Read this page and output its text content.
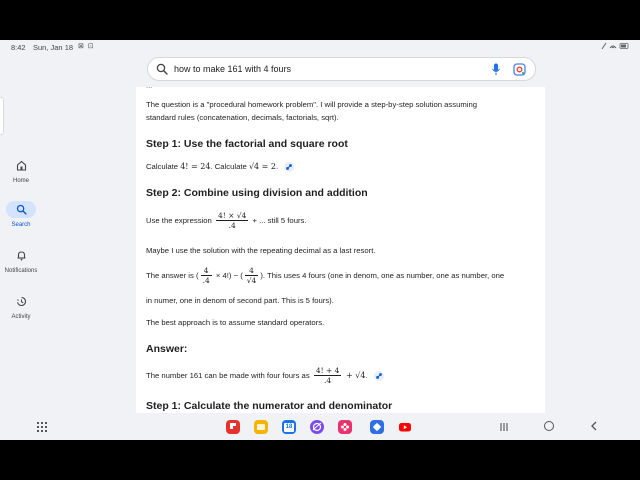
8:42 Sun, Jan 18 ⊠ ⊡
how to make 161 with 4 fours
Home
Search
Notifications
Activity
...
The question is a "procedural homework problem". I will provide a step-by-step solution assuming
standard rules (concatenation, decimals, factorials, sqrt).
Step 1: Use the factorial and square root
Calculate 4! = 24. Calculate √4 = 2.
Step 2: Combine using division and addition
Use the expression $\frac{4! \times √4}{.4}$ + ... still 5 fours.
Maybe I use the solution with the repeating decimal as a last resort.
The answer is ( $\frac{4}{.4} \times 4$!) − ( $\frac{4}{√4}$ ). This uses 4 fours (one in denom, one as number, one as number, one
in numer, one in denom of second part. This is 5 fours).
The best approach is to assume standard operators.
Answer:
The number 161 can be made with four fours as $\frac{4! + 4}{.4} + √4$.
Step 1: Calculate the numerator and denominator
18
